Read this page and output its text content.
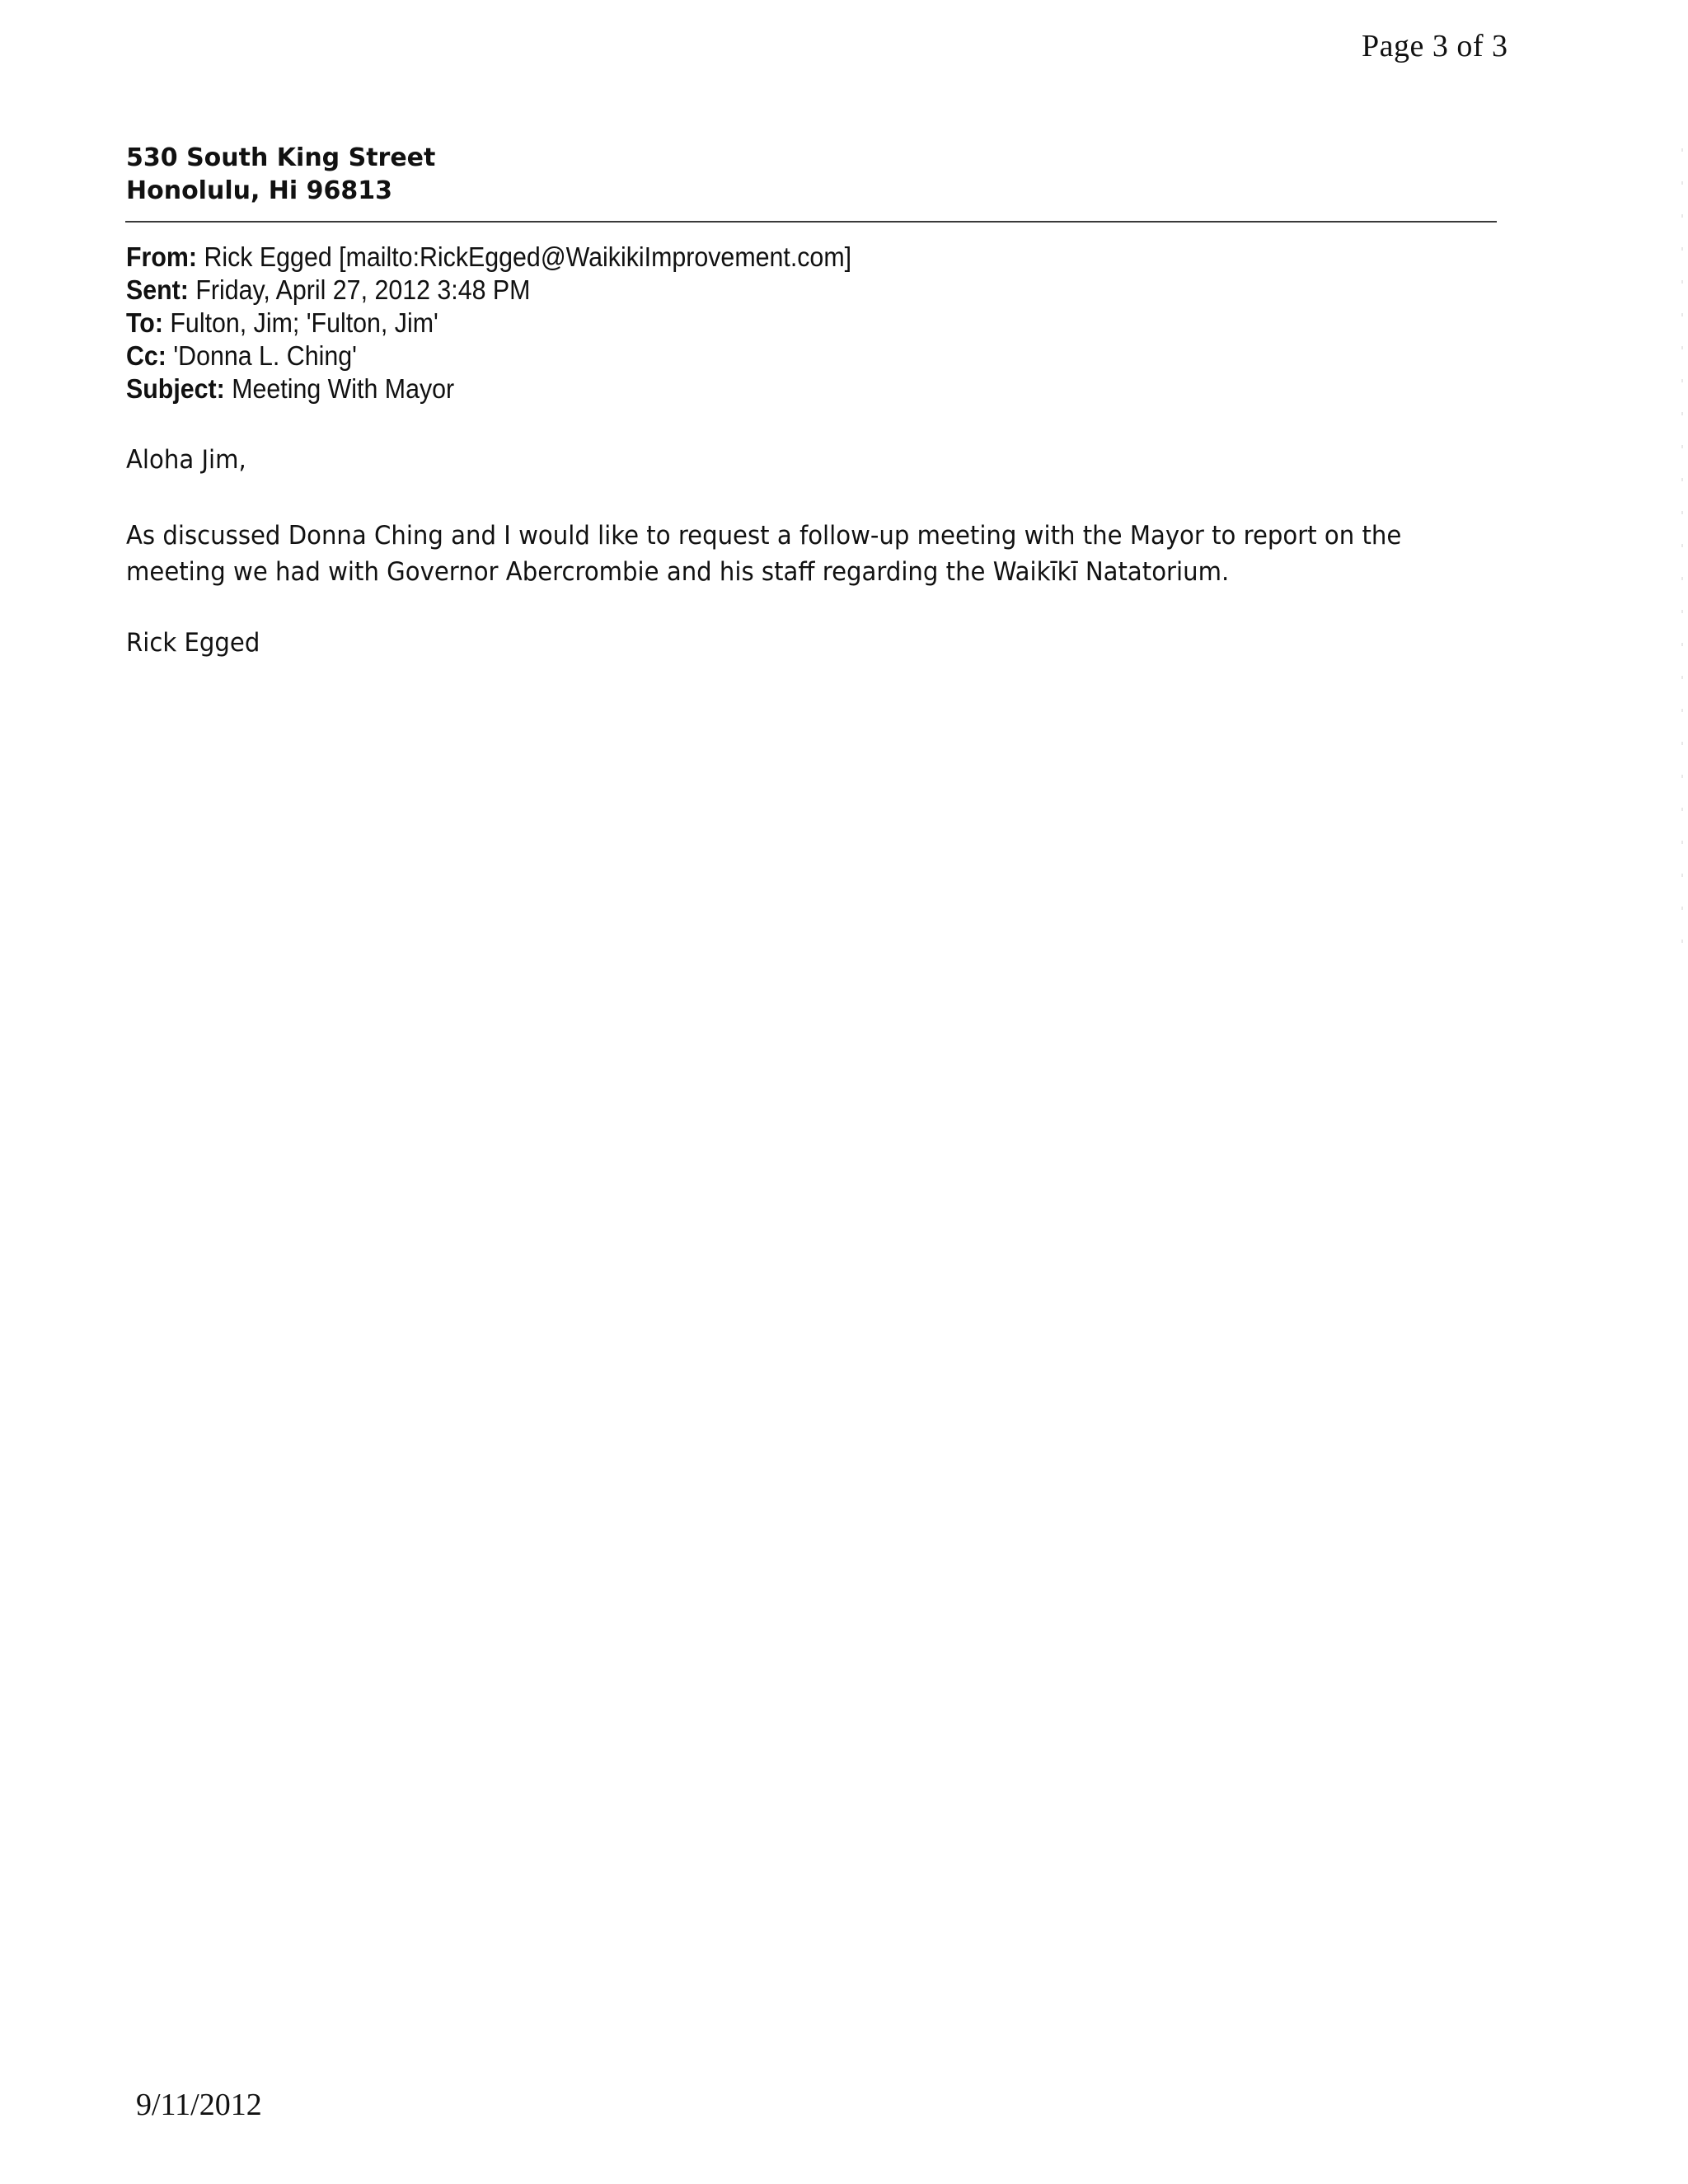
Page 3 of 3
530 South King Street
Honolulu, Hi 96813
From: Rick Egged [mailto:RickEgged@WaikikiImprovement.com]
Sent: Friday, April 27, 2012 3:48 PM
To: Fulton, Jim; 'Fulton, Jim'
Cc: 'Donna L. Ching'
Subject: Meeting With Mayor
Aloha Jim,
As discussed Donna Ching and I would like to request a follow-up meeting with the Mayor to report on the
meeting we had with Governor Abercrombie and his staff regarding the Waikīkī Natatorium.
Rick Egged
9/11/2012
